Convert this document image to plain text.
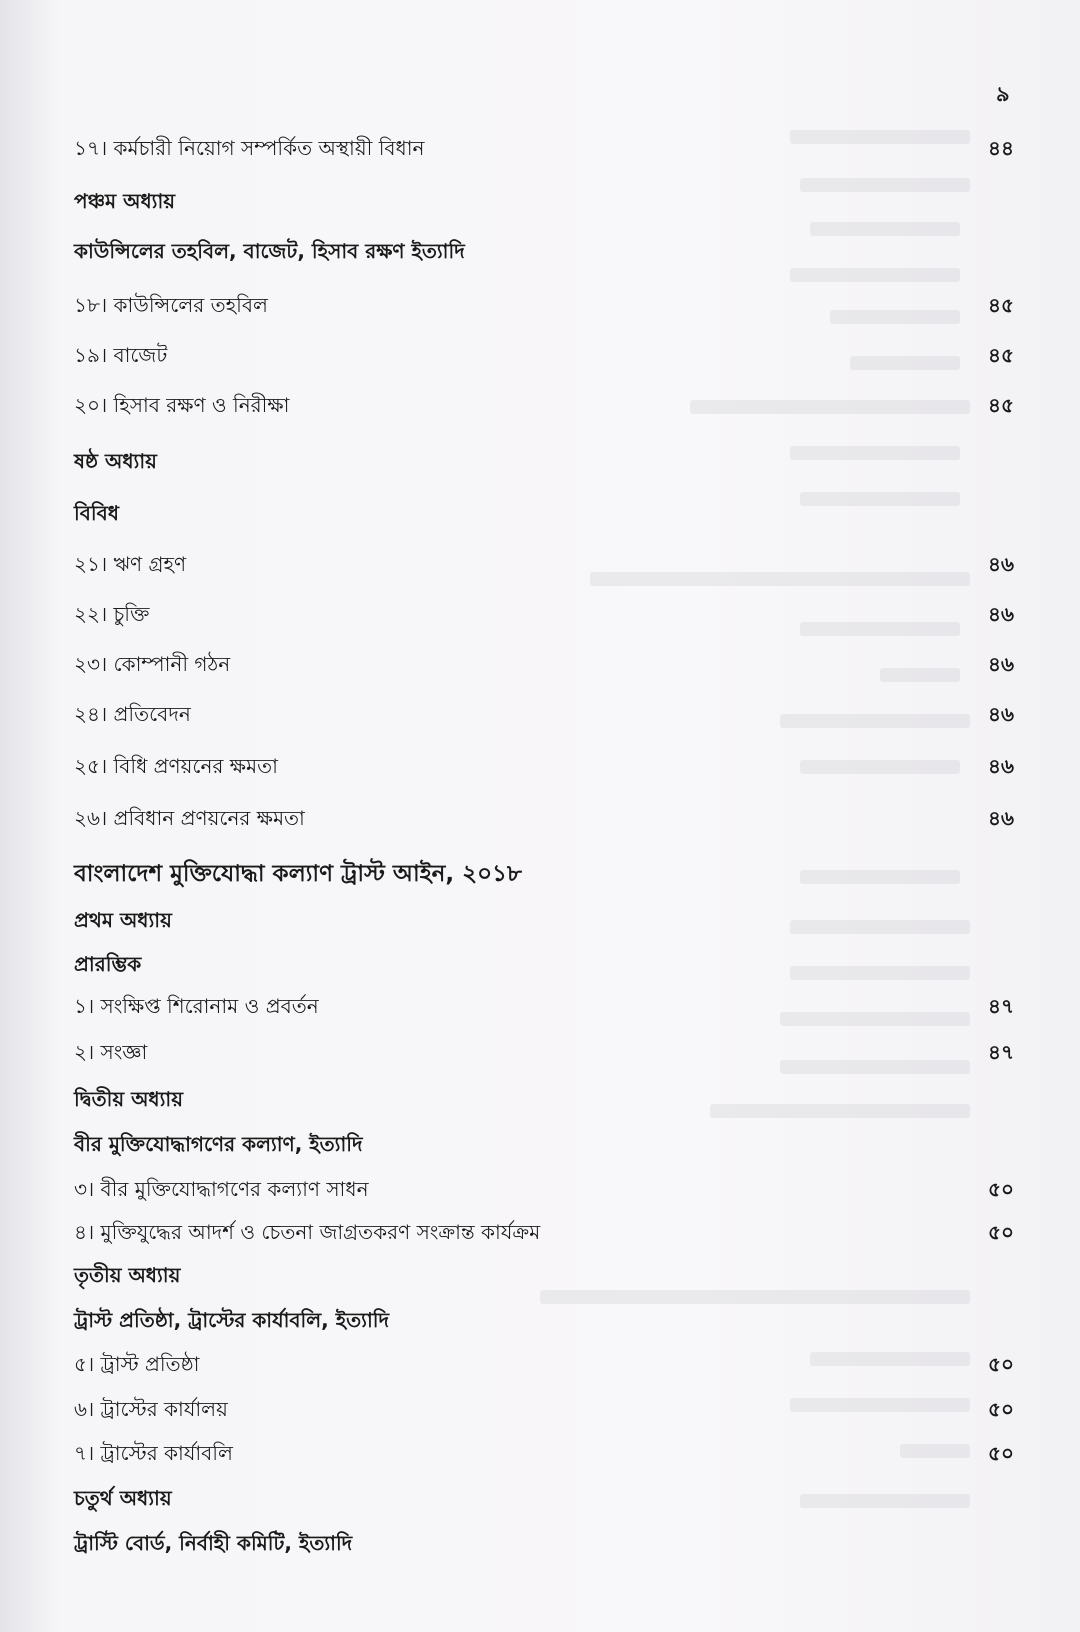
৯
১৭। কর্মচারী নিয়োগ সম্পর্কিত অস্থায়ী বিধান	৪৪
পঞ্চম অধ্যায়
কাউন্সিলের তহবিল, বাজেট, হিসাব রক্ষণ ইত্যাদি
১৮। কাউন্সিলের তহবিল	৪৫
১৯। বাজেট	৪৫
২০। হিসাব রক্ষণ ও নিরীক্ষা	৪৫
ষষ্ঠ অধ্যায়
বিবিধ
২১। ঋণ গ্রহণ	৪৬
২২। চুক্তি	৪৬
২৩। কোম্পানী গঠন	৪৬
২৪। প্রতিবেদন	৪৬
২৫। বিধি প্রণয়নের ক্ষমতা	৪৬
২৬। প্রবিধান প্রণয়নের ক্ষমতা	৪৬
বাংলাদেশ মুক্তিযোদ্ধা কল্যাণ ট্রাস্ট আইন, ২০১৮
প্রথম অধ্যায়
প্রারম্ভিক
১। সংক্ষিপ্ত শিরোনাম ও প্রবর্তন	৪৭
২। সংজ্ঞা	৪৭
দ্বিতীয় অধ্যায়
বীর মুক্তিযোদ্ধাগণের কল্যাণ, ইত্যাদি
৩। বীর মুক্তিযোদ্ধাগণের কল্যাণ সাধন	৫০
৪। মুক্তিযুদ্ধের আদর্শ ও চেতনা জাগ্রতকরণ সংক্রান্ত কার্যক্রম	৫০
তৃতীয় অধ্যায়
ট্রাস্ট প্রতিষ্ঠা, ট্রাস্টের কার্যাবলি, ইত্যাদি
৫। ট্রাস্ট প্রতিষ্ঠা	৫০
৬। ট্রাস্টের কার্যালয়	৫০
৭। ট্রাস্টের কার্যাবলি	৫০
চতুর্থ অধ্যায়
ট্রাস্টি বোর্ড, নির্বাহী কমিটি, ইত্যাদি
